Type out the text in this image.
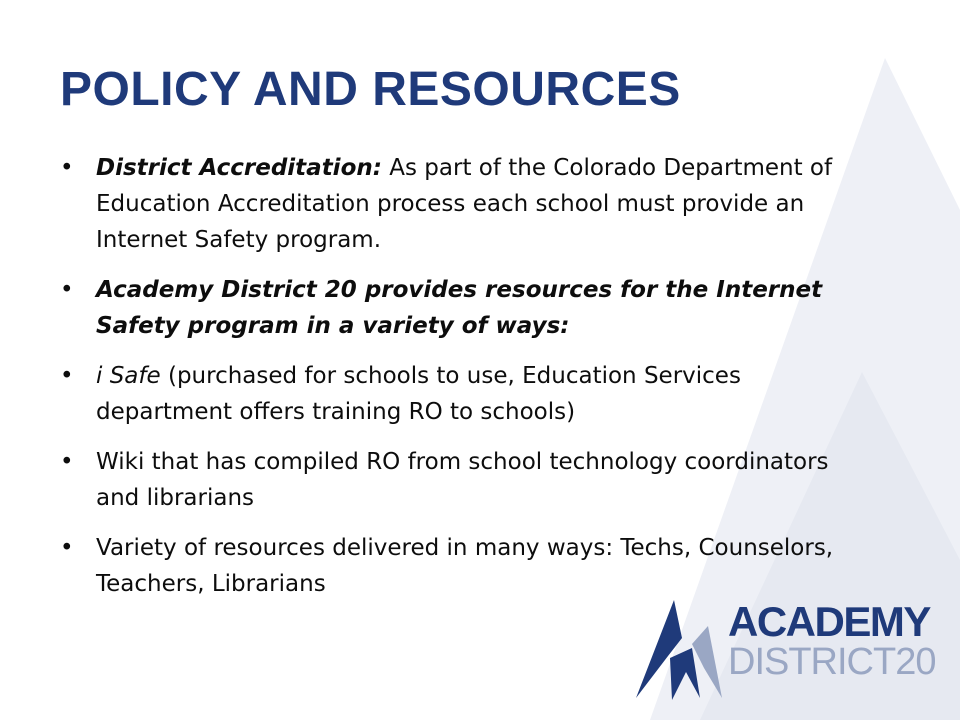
POLICY AND RESOURCES
• District Accreditation: As part of the Colorado Department of Education Accreditation process each school must provide an Internet Safety program.
• Academy District 20 provides resources for the Internet Safety program in a variety of ways:
• i Safe (purchased for schools to use, Education Services department offers training RO to schools)
• Wiki that has compiled RO from school technology coordinators and librarians
• Variety of resources delivered in many ways: Techs, Counselors, Teachers, Librarians
ACADEMY
DISTRICT20
